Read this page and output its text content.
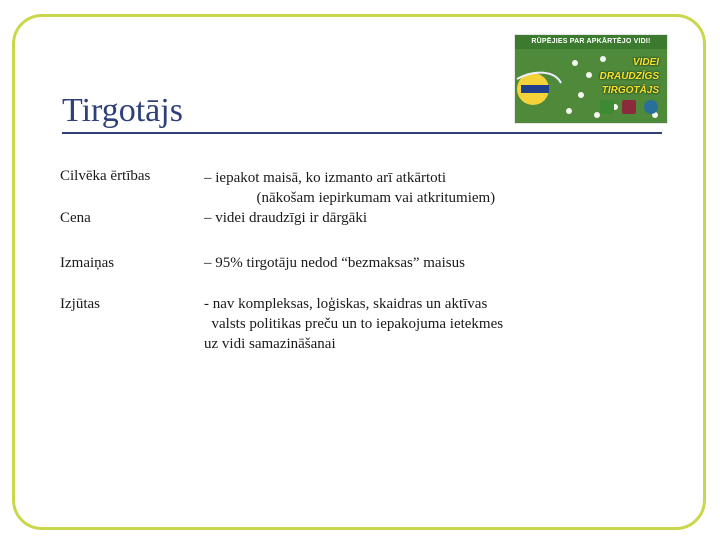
RŪPĒJIES PAR APKĀRTĒJO VIDI!
VIDEI
DRAUDZĪGS
TIRGOTĀJS
Tirgotājs
Cilvēka ērtības	– iepakot maisā, ko izmanto arī atkārtoti
(nākošam iepirkumam vai atkritumiem)
Cena	– videi draudzīgi ir dārgāki
Izmaiņas	– 95% tirgotāju nedod “bezmaksas” maisus
Izjūtas	- nav kompleksas, loģiskas, skaidras un aktīvas
valsts politikas preču un to iepakojuma ietekmes
uz vidi samazināšanai
